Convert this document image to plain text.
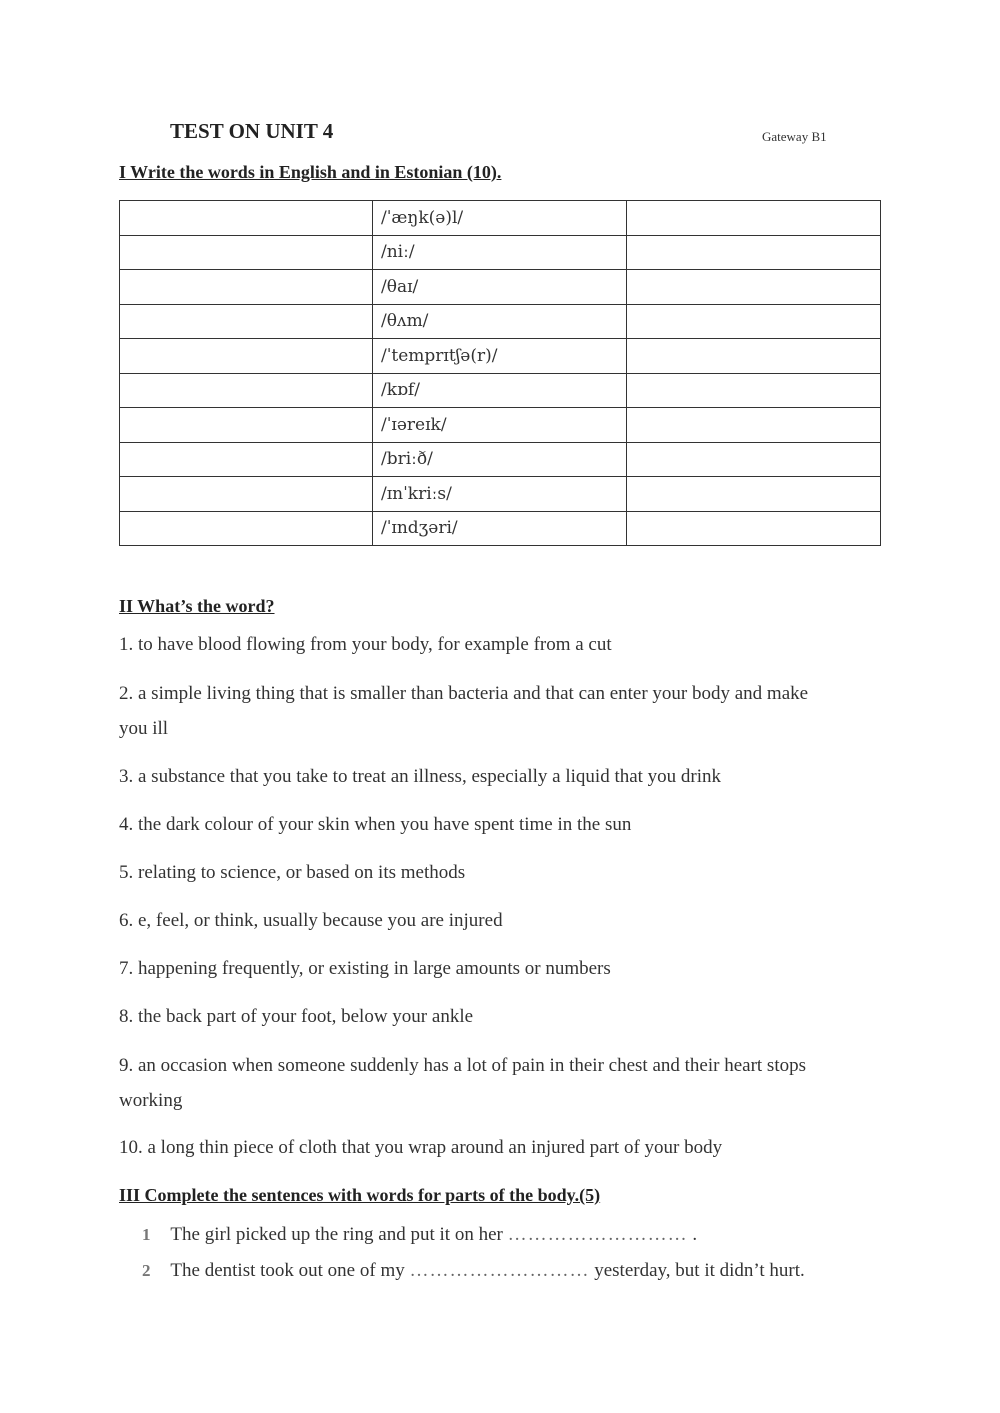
TEST ON UNIT 4	Gateway B1
I Write the words in English and in Estonian (10).
	/ˈæŋk(ə)l/	
	/niː/	
	/θaɪ/	
	/θʌm/	
	/ˈtemprɪtʃə(r)/	
	/kɒf/	
	/ˈɪəreɪk/	
	/briːð/	
	/ɪnˈkriːs/	
	/ˈɪndʒəri/	
II What’s the word?

1. to have blood flowing from your body, for example from a cut

2. a simple living thing that is smaller than bacteria and that can enter your body and make you ill

3. a substance that you take to treat an illness, especially a liquid that you drink

4. the dark colour of your skin when you have spent time in the sun

5. relating to science, or based on its methods

6. e, feel, or think, usually because you are injured

7. happening frequently, or existing in large amounts or numbers

8. the back part of your foot, below your ankle

9. an occasion when someone suddenly has a lot of pain in their chest and their heart stops working

10. a long thin piece of cloth that you wrap around an injured part of your body

III Complete the sentences with words for parts of the body.(5)

1 The girl picked up the ring and put it on her ……………………… .

2 The dentist took out one of my ……………………… yesterday, but it didn’t hurt.
